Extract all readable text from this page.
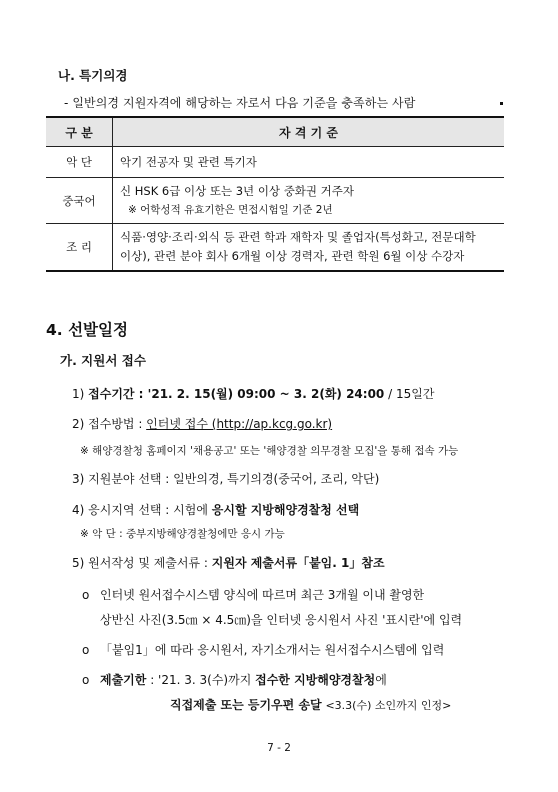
나. 특기의경
- 일반의경 지원자격에 해당하는 자로서 다음 기준을 충족하는 사람
구 분	자 격 기 준
악 단	악기 전공자 및 관련 특기자

중국어	신 HSK 6급 이상 또는 3년 이상 중화권 거주자
※ 어학성적 유효기한은 면접시험일 기준 2년

조 리	식품·영양·조리·외식 등 관련 학과 재학자 및 졸업자(특성화고, 전문대학
이상), 관련 분야 회사 6개월 이상 경력자, 관련 학원 6월 이상 수강자
4. 선발일정
가. 지원서 접수
1) 접수기간 : '21. 2. 15(월) 09:00 ~ 3. 2(화) 24:00 / 15일간
2) 접수방법 : 인터넷 접수 (http://ap.kcg.go.kr)
※ 해양경찰청 홈페이지 '채용공고' 또는 '해양경찰 의무경찰 모집'을 통해 접속 가능
3) 지원분야 선택 : 일반의경, 특기의경(중국어, 조리, 악단)
4) 응시지역 선택 : 시험에 응시할 지방해양경찰청 선택
※ 악 단 : 중부지방해양경찰청에만 응시 가능
5) 원서작성 및 제출서류 : 지원자 제출서류「붙임. 1」참조
o 인터넷 원서접수시스템 양식에 따르며 최근 3개월 이내 촬영한
상반신 사진(3.5㎝ × 4.5㎝)을 인터넷 응시원서 사진 '표시란'에 입력
o 「붙임1」에 따라 응시원서, 자기소개서는 원서접수시스템에 입력
o 제출기한 : '21. 3. 3(수)까지 접수한 지방해양경찰청에
직접제출 또는 등기우편 송달 <3.3(수) 소인까지 인정>
7 - 2
